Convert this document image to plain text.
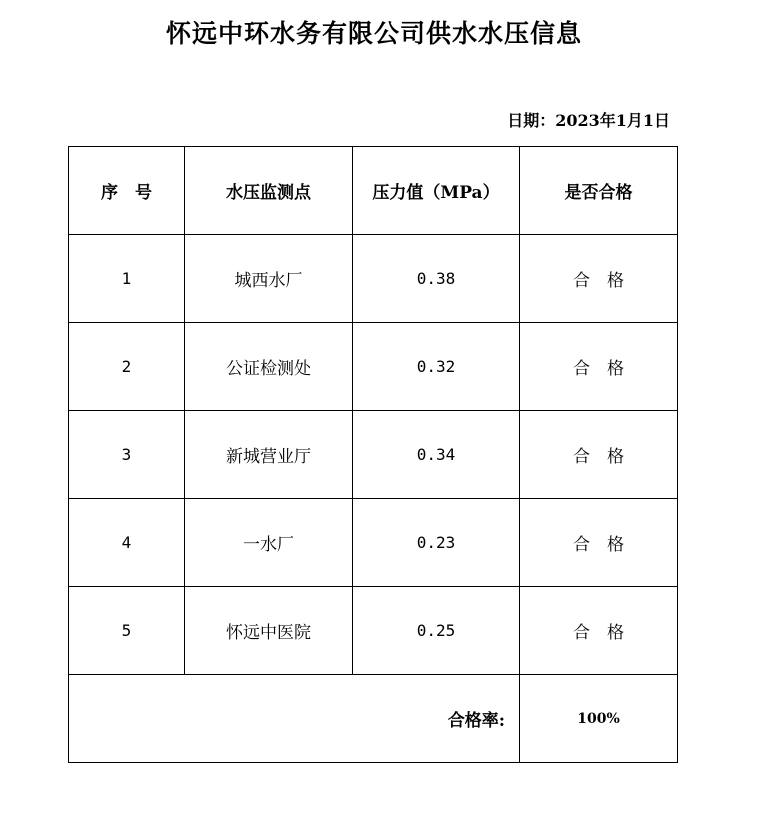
怀远中环水务有限公司供水水压信息
日期：2023年1月1日
序　号	水压监测点	压力值（MPa）	是否合格
1	城西水厂	0.38	合　格
2	公证检测处	0.32	合　格
3	新城营业厅	0.34	合　格
4	一水厂	0.23	合　格
5	怀远中医院	0.25	合　格
合格率:			100%
